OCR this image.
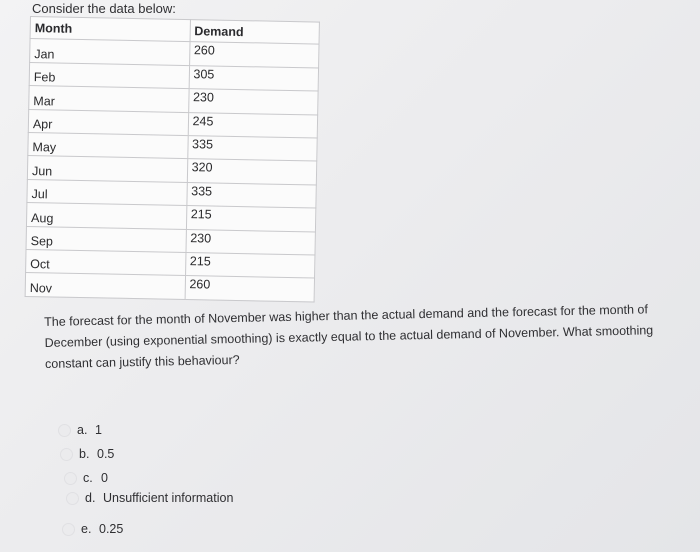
Consider the data below:
Month	Demand
Jan	260
Feb	305
Mar	230
Apr	245
May	335
Jun	320
Jul	335
Aug	215
Sep	230
Oct	215
Nov	260
The forecast for the month of November was higher than the actual demand and the forecast for the month of
December (using exponential smoothing) is exactly equal to the actual demand of November. What smoothing
constant can justify this behaviour?
a. 1
b. 0.5
c. 0
d. Unsufficient information
e. 0.25
